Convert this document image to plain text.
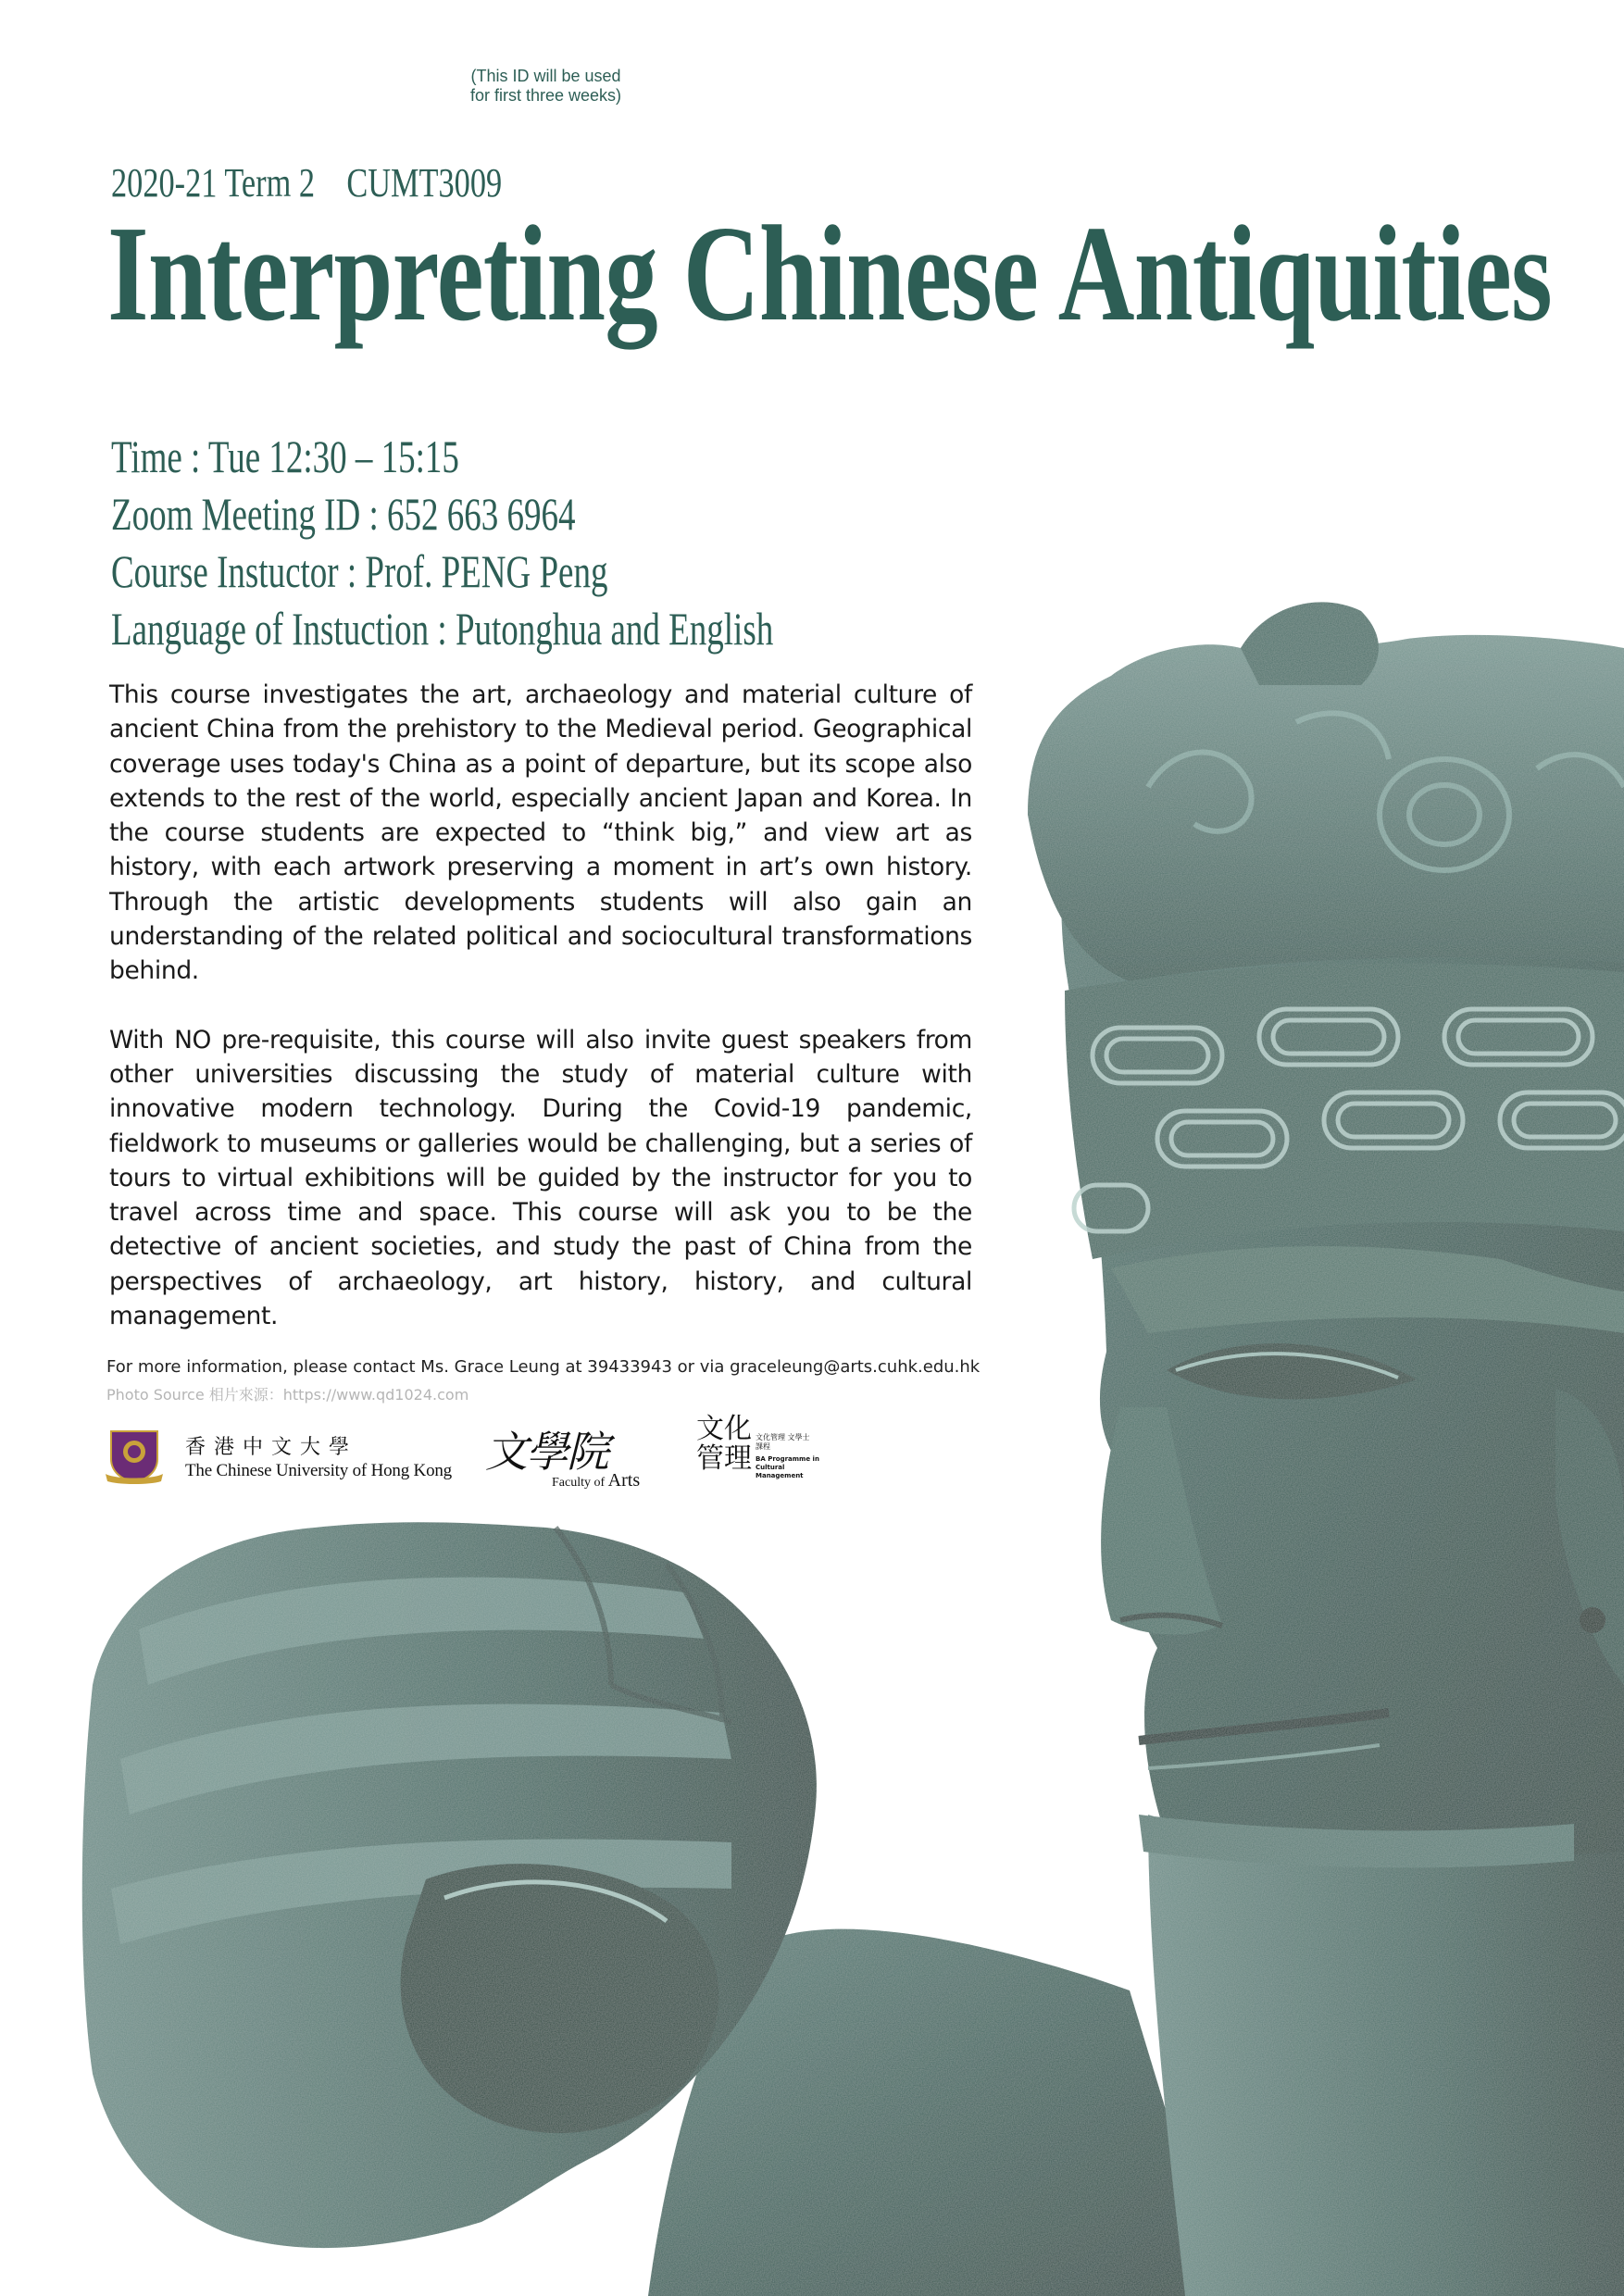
2020-21 Term 2 CUMT3009
Interpreting Chinese Antiquities
Time : Tue 12:30 – 15:15
Zoom Meeting ID : 652 663 6964
Course Instuctor : Prof. PENG Peng
Language of Instuction : Putonghua and English
(This ID will be used
for first three weeks)

This course investigates the art, archaeology and material culture of ancient China from the prehistory to the Medieval period. Geographical coverage uses today's China as a point of departure, but its scope also extends to the rest of the world, especially ancient Japan and Korea. In the course students are expected to “think big,” and view art as history, with each artwork preserving a moment in art’s own history. Through the artistic developments students will also gain an understanding of the related political and sociocultural transformations behind.

With NO pre-requisite, this course will also invite guest speakers from other universities discussing the study of material culture with innovative modern technology. During the Covid-19 pandemic, fieldwork to museums or galleries would be challenging, but a series of tours to virtual exhibitions will be guided by the instructor for you to travel across time and space. This course will ask you to be the detective of ancient societies, and study the past of China from the perspectives of archaeology, art history, history, and cultural management.

For more information, please contact Ms. Grace Leung at 39433943 or via graceleung@arts.cuhk.edu.hk
Photo Source 相片來源：https://www.qd1024.com
香港中文大學
The Chinese University of Hong Kong 文學院
Faculty of Arts
文化管理
文化管理 文學士課程
BA Programme in Cultural Management
